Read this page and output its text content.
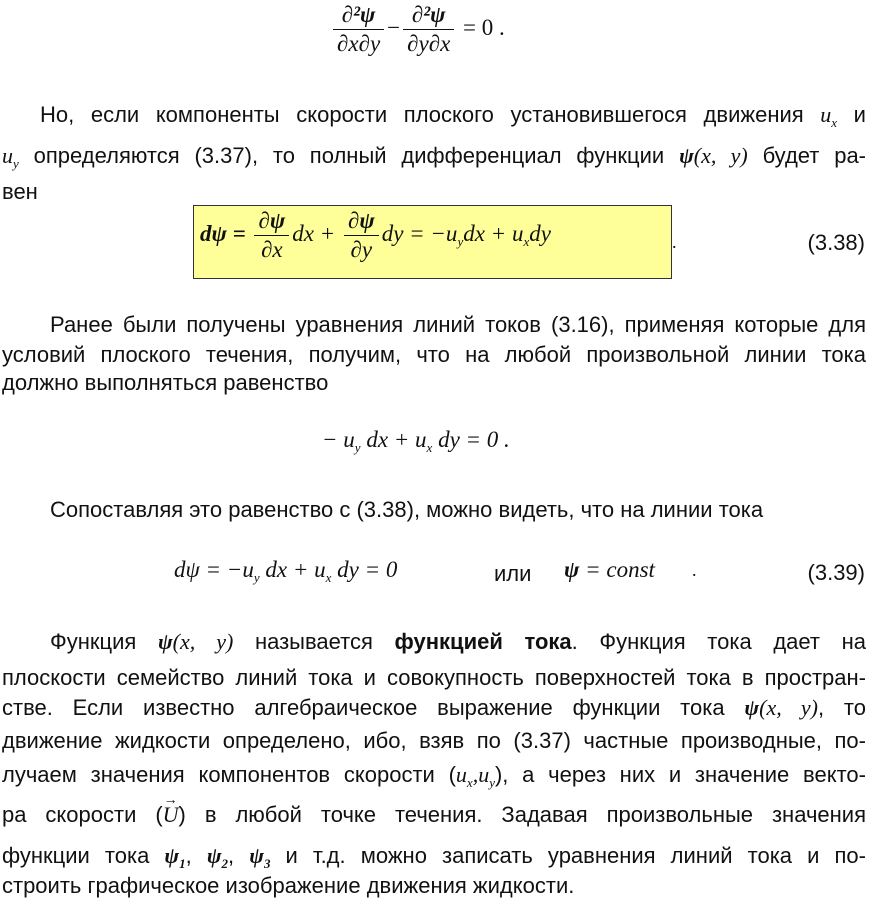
$\frac{\text{∂²ψ}}{\partial x\partial y} - \frac{\text{∂²ψ}}{\partial y\partial x} = 0$ .
Но, если компоненты скорости плоского установившегося движения $u_x$ и
$u_y$ определяются (3.37), то полный дифференциал функции ψ(x, y) будет ра-
вен
$d\psi = \frac{\partial\psi}{\partial x}$ dx + $\frac{\partial\psi}{\partial y}$ dy = $-u_ydx + u_xdy$	.	(3.38)
Ранее были получены уравнения линий токов (3.16), применяя которые для
условий плоского течения, получим, что на любой произвольной линии тока
должно выполняться равенство
− $u_y$ dx + $u_x$ dy = 0 .
Сопоставляя это равенство с (3.38), можно видеть, что на линии тока
$d\psi = -u_y$ dx + $u_x$ dy = 0	или ψ = const .	(3.39)
Функция ψ(x, y) называется функцией тока. Функция тока дает на
плоскости семейство линий тока и совокупность поверхностей тока в простран-
стве. Если известно алгебраическое выражение функции тока ψ(x, y), то
движение жидкости определено, ибо, взяв по (3.37) частные производные, по-
лучаем значения компонентов скорости $(u_x,u_y)$, а через них и значение векто-
ра скорости (→ U) в любой точке течения. Задавая произвольные значения
функции тока $\psi_1$, $\psi_2$, $\psi_3$ и т.д. можно записать уравнения линий тока и по-
строить графическое изображение движения жидкости.
